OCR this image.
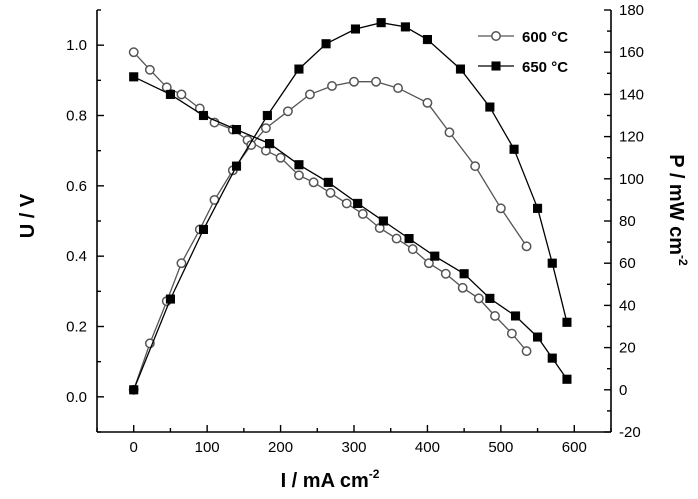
0	100	200	300	400	500	600
0.0
0.2
0.4
0.6
0.8
1.0
-20
0
20
40
60
80
100
120
140
160
180
600 °C
650 °C
I / mA $cm^{-2}$
U / V	P / mW $cm^{-2}$
